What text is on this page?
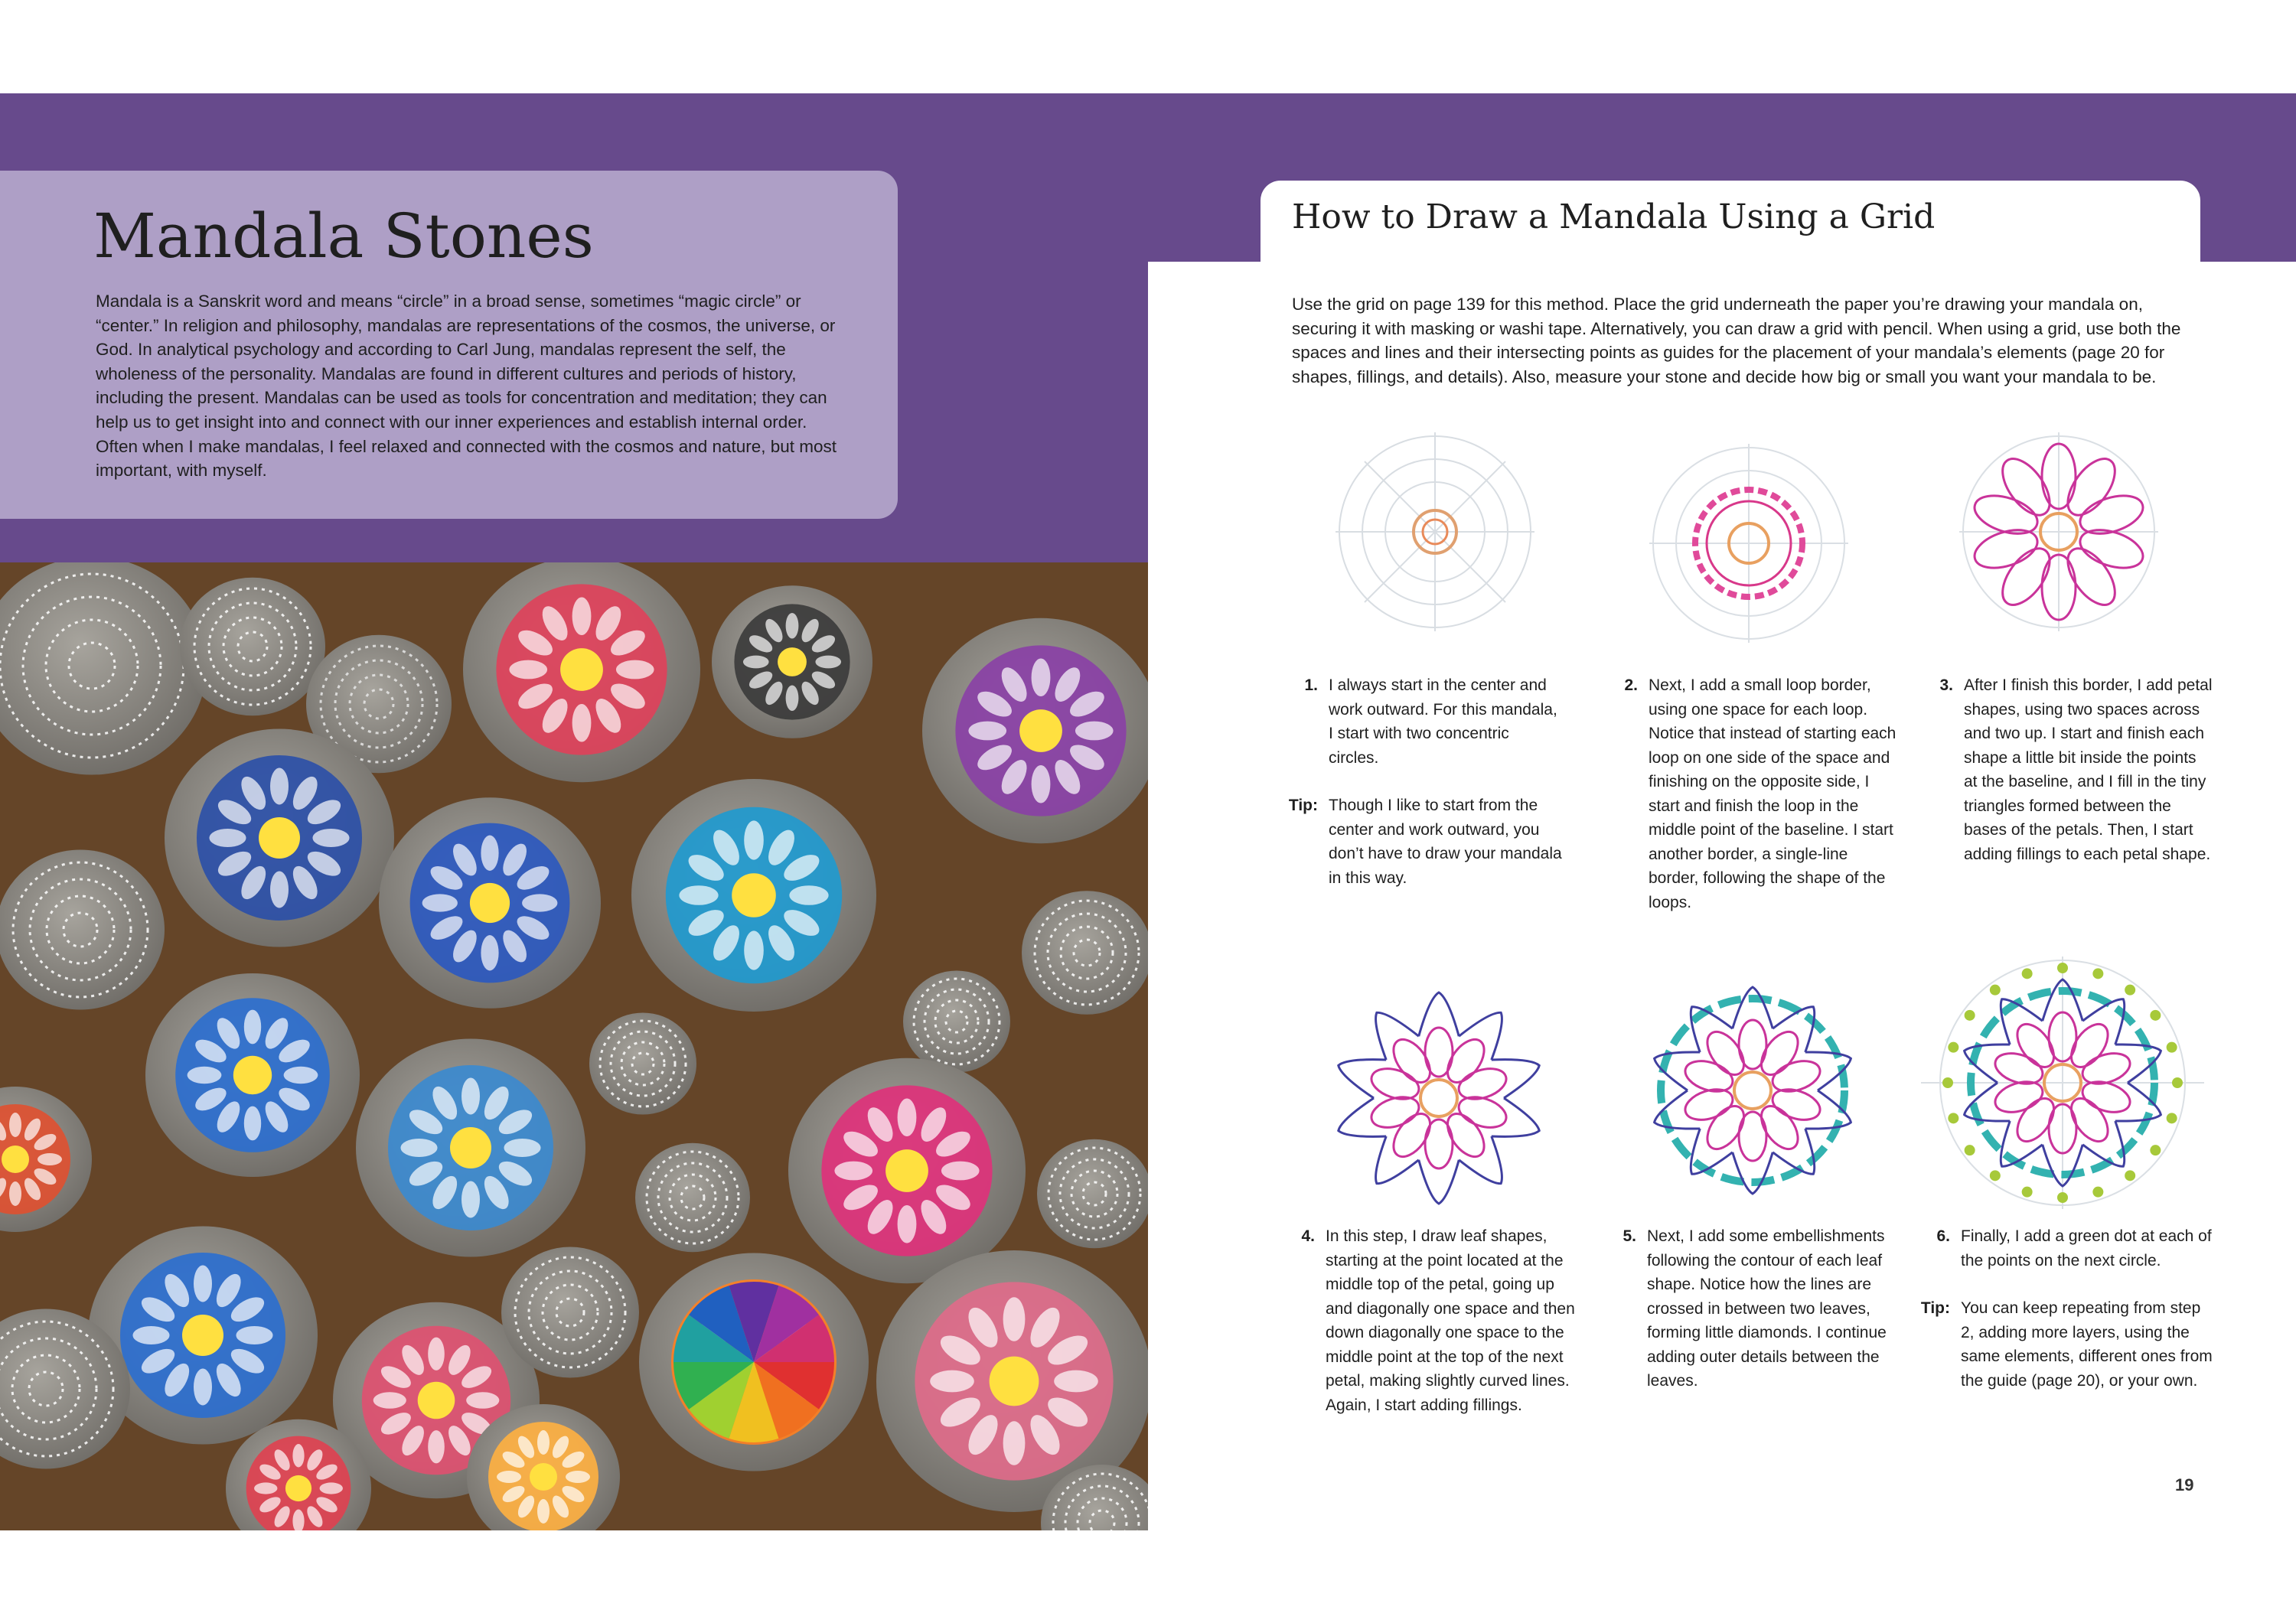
Mandala Stones

Mandala is a Sanskrit word and means “circle” in a broad sense, sometimes “magic circle” or “center.” In religion and philosophy, mandalas are representations of the cosmos, the universe, or God. In analytical psychology and according to Carl Jung, mandalas represent the self, the wholeness of the personality. Mandalas are found in different cultures and periods of history, including the present. Mandalas can be used as tools for concentration and meditation; they can help us to get insight into and connect with our inner experiences and establish internal order. Often when I make mandalas, I feel relaxed and connected with the cosmos and nature, but most important, with myself.

How to Draw a Mandala Using a Grid

Use the grid on page 139 for this method. Place the grid underneath the paper you’re drawing your mandala on, securing it with masking or washi tape. Alternatively, you can draw a grid with pencil. When using a grid, use both the spaces and lines and their intersecting points as guides for the placement of your mandala’s elements (page 20 for shapes, fillings, and details). Also, measure your stone and decide how big or small you want your mandala to be.

1. I always start in the center and work outward. For this mandala, I start with two concentric circles.
Tip: Though I like to start from the center and work outward, you don’t have to draw your mandala in this way.
2. Next, I add a small loop border, using one space for each loop. Notice that instead of starting each loop on one side of the space and finishing on the opposite side, I start and finish the loop in the middle point of the baseline. I start another border, a single-line border, following the shape of the loops.
3. After I finish this border, I add petal shapes, using two spaces across and two up. I start and finish each shape a little bit inside the points at the baseline, and I fill in the tiny triangles formed between the bases of the petals. Then, I start adding fillings to each petal shape.
4. In this step, I draw leaf shapes, starting at the point located at the middle top of the petal, going up and diagonally one space and then down diagonally one space to the middle point at the top of the next petal, making slightly curved lines. Again, I start adding fillings.
5. Next, I add some embellishments following the contour of each leaf shape. Notice how the lines are crossed in between two leaves, forming little diamonds. I continue adding outer details between the leaves.
6. Finally, I add a green dot at each of the points on the next circle.
Tip: You can keep repeating from step 2, adding more layers, using the same elements, different ones from the guide (page 20), or your own.
19
